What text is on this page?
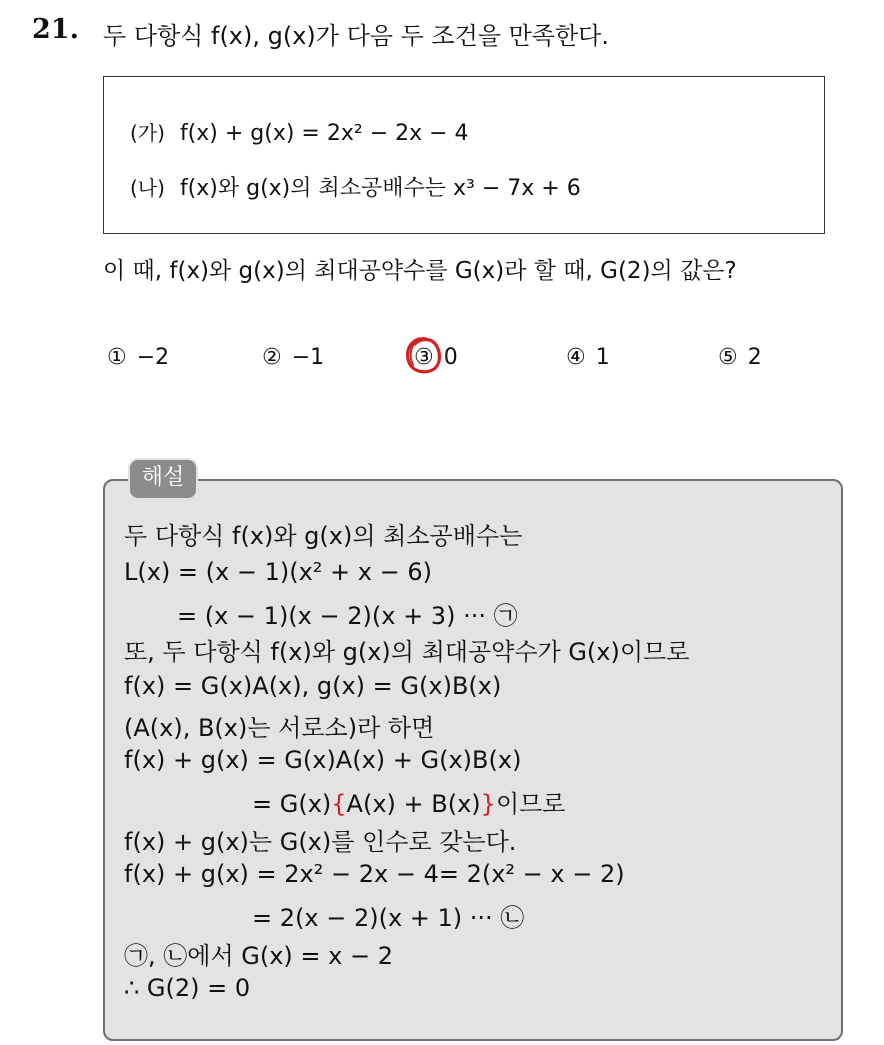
21. 두 다항식 f(x), g(x)가 다음 두 조건을 만족한다.
(가) f(x) + g(x) = 2x² − 2x − 4
(나) f(x)와 g(x)의 최소공배수는 x³ − 7x + 6
이 때, f(x)와 g(x)의 최대공약수를 G(x)라 할 때, G(2)의 값은?
① −2	② −1	③ 0	④ 1	⑤ 2
해설
두 다항식 f(x)와 g(x)의 최소공배수는
L(x) = (x − 1)(x² + x − 6)
= (x − 1)(x − 2)(x + 3) ··· ㉠
또, 두 다항식 f(x)와 g(x)의 최대공약수가 G(x)이므로
f(x) = G(x)A(x), g(x) = G(x)B(x)
(A(x), B(x)는 서로소)라 하면
f(x) + g(x) = G(x)A(x) + G(x)B(x)
= G(x){A(x) + B(x)}이므로
f(x) + g(x)는 G(x)를 인수로 갖는다.
f(x) + g(x) = 2x² − 2x − 4= 2(x² − x − 2)
= 2(x − 2)(x + 1) ··· ㉡
㉠, ㉡에서 G(x) = x − 2
∴ G(2) = 0
